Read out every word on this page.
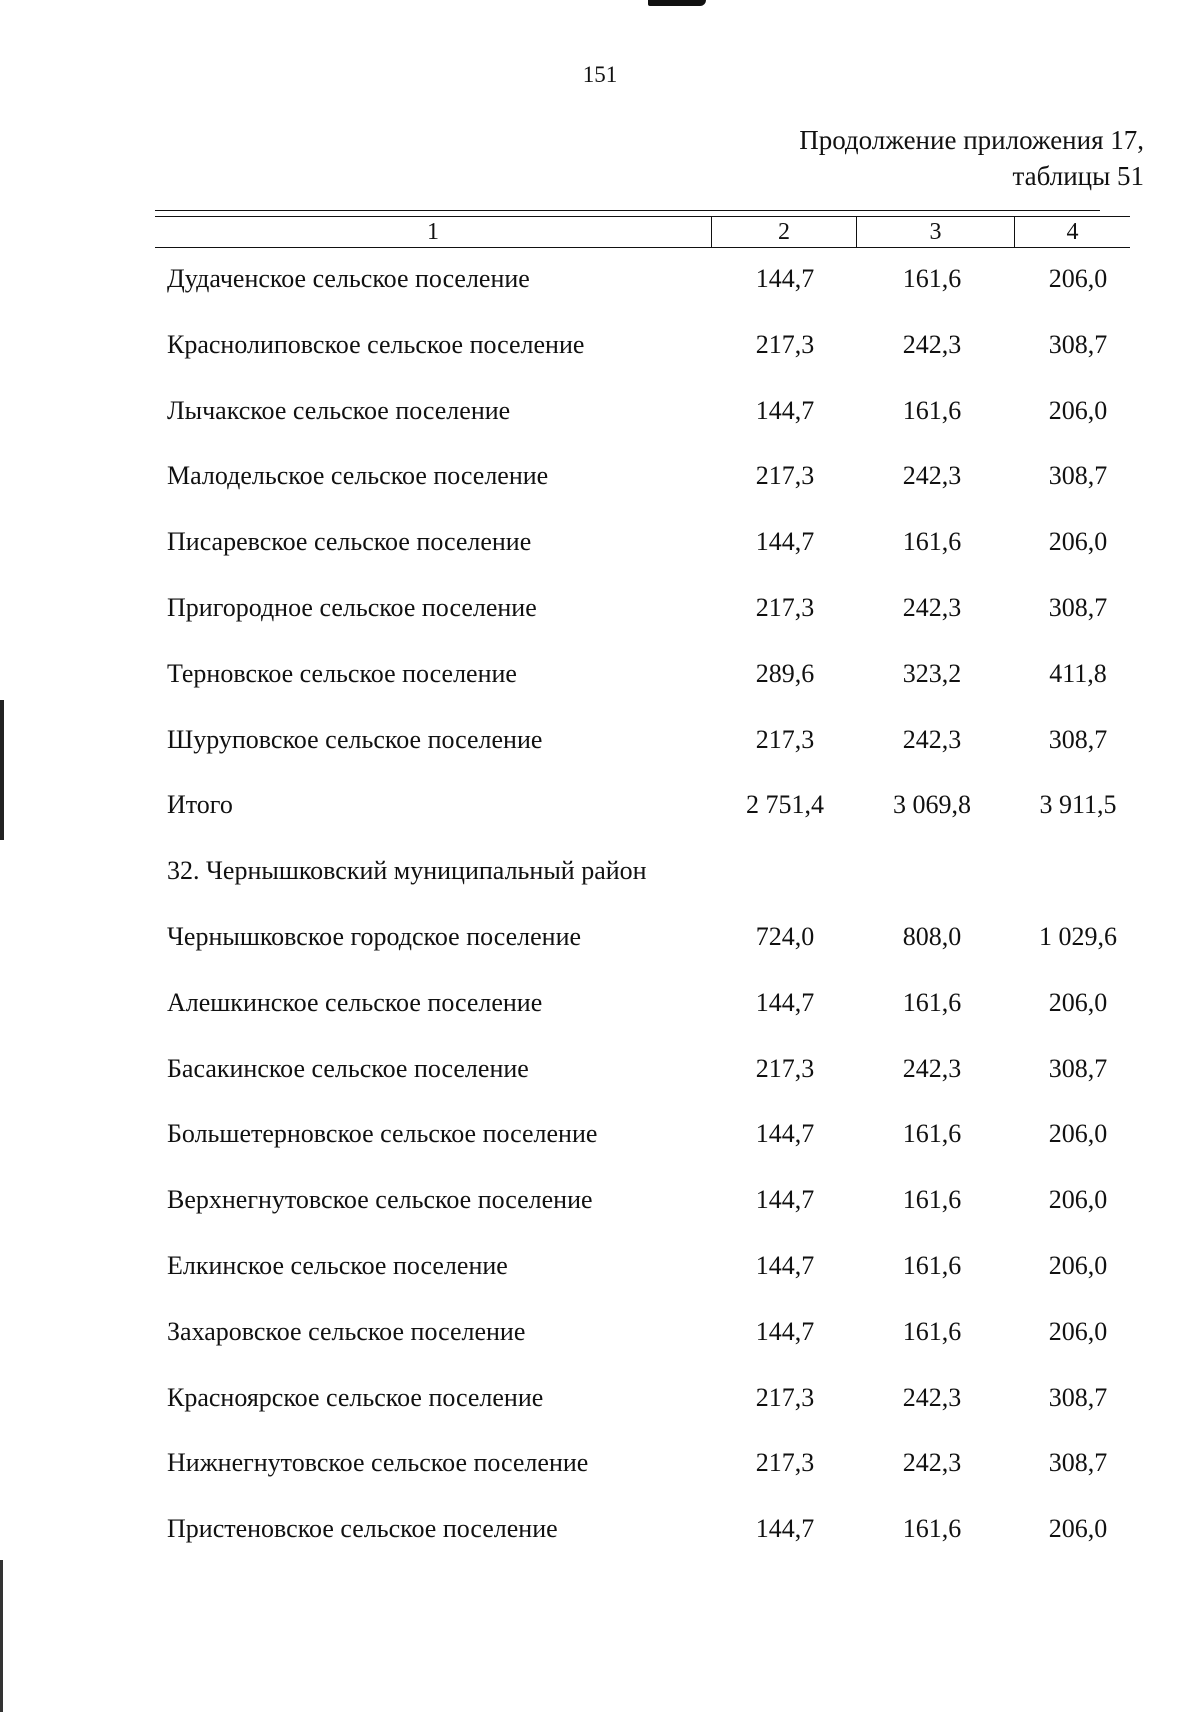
151
Продолжение приложения 17,
таблицы 51
1	2	3	4
Дудаченское сельское поселение	144,7	161,6	206,0
Краснолиповское сельское поселение	217,3	242,3	308,7
Лычакское сельское поселение	144,7	161,6	206,0
Малодельское сельское поселение	217,3	242,3	308,7
Писаревское сельское поселение	144,7	161,6	206,0
Пригородное сельское поселение	217,3	242,3	308,7
Терновское сельское поселение	289,6	323,2	411,8
Шуруповское сельское поселение	217,3	242,3	308,7
Итого	2 751,4	3 069,8	3 911,5
32. Чернышковский муниципальный район
Чернышковское городское поселение	724,0	808,0	1 029,6
Алешкинское сельское поселение	144,7	161,6	206,0
Басакинское сельское поселение	217,3	242,3	308,7
Большетерновское сельское поселение	144,7	161,6	206,0
Верхнегнутовское сельское поселение	144,7	161,6	206,0
Елкинское сельское поселение	144,7	161,6	206,0
Захаровское сельское поселение	144,7	161,6	206,0
Красноярское сельское поселение	217,3	242,3	308,7
Нижнегнутовское сельское поселение	217,3	242,3	308,7
Пристеновское сельское поселение	144,7	161,6	206,0
